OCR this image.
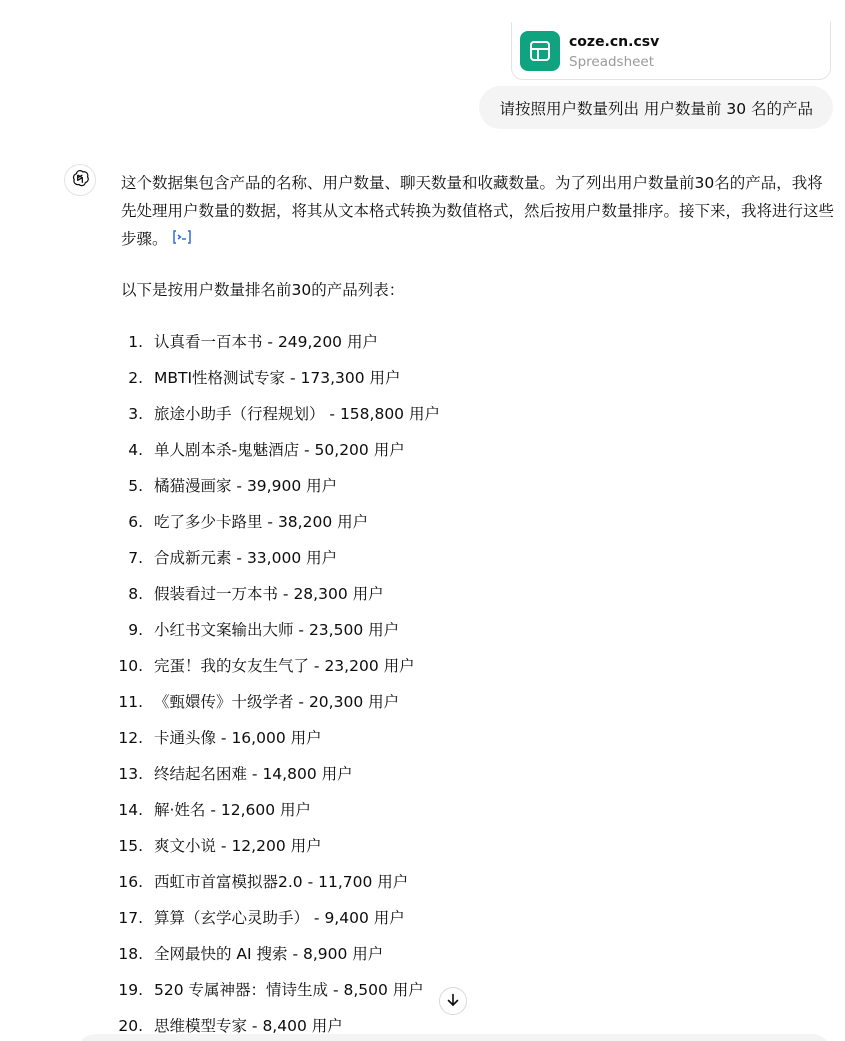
coze.cn.csv
Spreadsheet
请按照用户数量列出 用户数量前 30 名的产品

这个数据集包含产品的名称、用户数量、聊天数量和收藏数量。为了列出用户数量前30名的产品，我将先处理用户数量的数据，将其从文本格式转换为数值格式，然后按用户数量排序。接下来，我将进行这些步骤。

以下是按用户数量排名前30的产品列表：

1. 认真看一百本书 - 249,200 用户
2. MBTI性格测试专家 - 173,300 用户
3. 旅途小助手（行程规划） - 158,800 用户
4. 单人剧本杀-鬼魅酒店 - 50,200 用户
5. 橘猫漫画家 - 39,900 用户
6. 吃了多少卡路里 - 38,200 用户
7. 合成新元素 - 33,000 用户
8. 假装看过一万本书 - 28,300 用户
9. 小红书文案输出大师 - 23,500 用户
10. 完蛋！我的女友生气了 - 23,200 用户
11. 《甄嬛传》十级学者 - 20,300 用户
12. 卡通头像 - 16,000 用户
13. 终结起名困难 - 14,800 用户
14. 解·姓名 - 12,600 用户
15. 爽文小说 - 12,200 用户
16. 西虹市首富模拟器2.0 - 11,700 用户
17. 算算（玄学心灵助手） - 9,400 用户
18. 全网最快的 AI 搜索 - 8,900 用户
19. 520 专属神器：情诗生成 - 8,500 用户
20. 思维模型专家 - 8,400 用户
